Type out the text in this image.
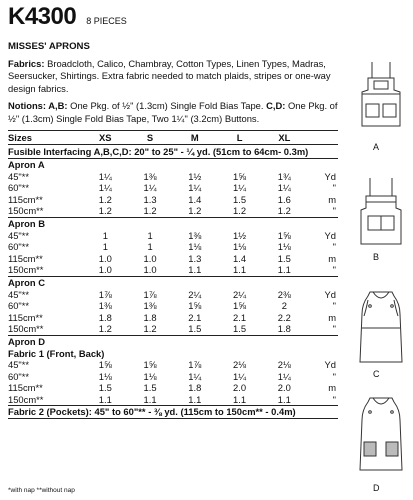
K4300 8 PIECES
MISSES' APRONS

Fabrics: Broadcloth, Calico, Chambray, Cotton Types, Linen Types, Madras, Seersucker, Shirtings. Extra fabric needed to match plaids, stripes or one-way design fabrics.

Notions: A,B: One Pkg. of ½" (1.3cm) Single Fold Bias Tape. C,D: One Pkg. of ½" (1.3cm) Single Fold Bias Tape, Two 1¼" (3.2cm) Buttons.

Sizes	XS	S	M	L	XL	
Fusible Interfacing A,B,C,D: 20" to 25" - ¼ yd. (51cm to 64cm- 0.3m)						
Apron A						
45"**	1¼	1⅜	1½	1⅝	1¾	Yd
60"**	1¼	1¼	1¼	1¼	1¼	"
115cm**	1.2	1.3	1.4	1.5	1.6	m
150cm**	1.2	1.2	1.2	1.2	1.2	"
Apron B						
45"**	1	1	1⅜	1½	1⅝	Yd
60"**	1	1	1⅛	1⅛	1⅛	"
115cm**	1.0	1.0	1.3	1.4	1.5	m
150cm**	1.0	1.0	1.1	1.1	1.1	"
Apron C						
45"**	1⅞	1⅞	2¼	2¼	2⅜	Yd
60"**	1⅜	1⅜	1⅝	1⅝	2	"
115cm**	1.8	1.8	2.1	2.1	2.2	m
150cm**	1.2	1.2	1.5	1.5	1.8	"
Apron D						
Fabric 1 (Front, Back)						
45"**	1⅝	1⅝	1⅞	2⅛	2⅛	Yd
60"**	1⅛	1⅛	1¼	1¼	1¼	"
115cm**	1.5	1.5	1.8	2.0	2.0	m
150cm**	1.1	1.1	1.1	1.1	1.1	"
Fabric 2 (Pockets): 45" to 60"** - ⅜ yd. (115cm to 150cm** - 0.4m)						
*with nap **without nap
A
B
C
D
